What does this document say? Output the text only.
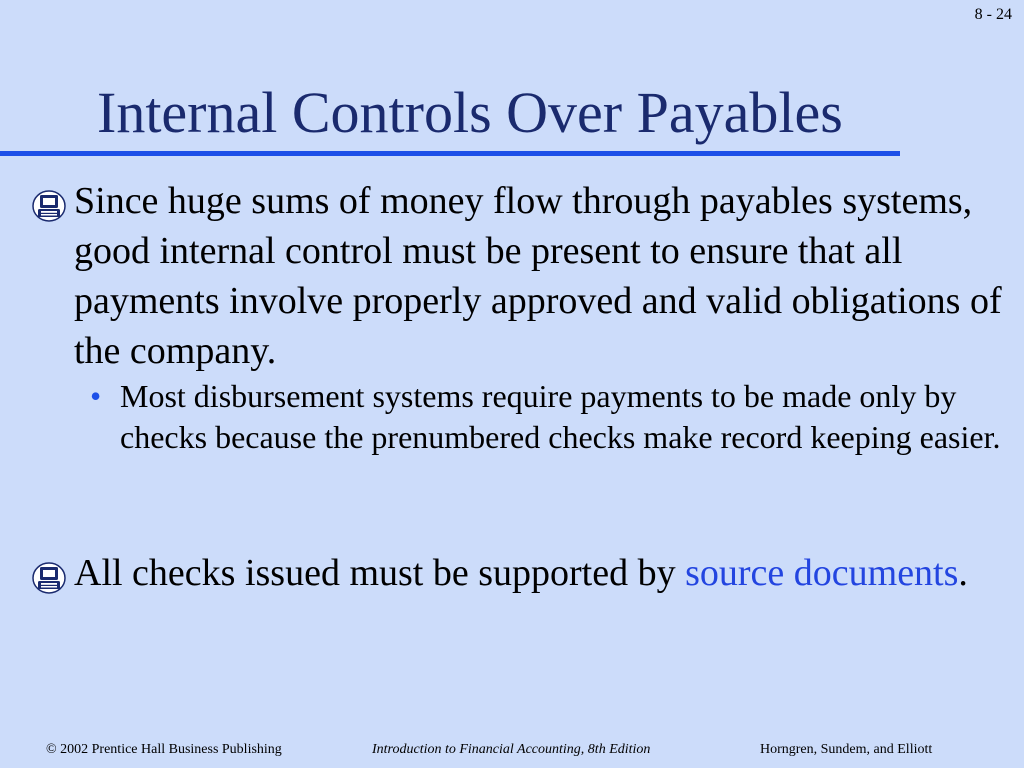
8 - 24
Internal Controls Over Payables
Since huge sums of money flow through payables systems, good internal control must be present to ensure that all payments involve properly approved and valid obligations of the company.
• Most disbursement systems require payments to be made only by checks because the prenumbered checks make record keeping easier.
All checks issued must be supported by source documents.
© 2002 Prentice Hall Business Publishing	Introduction to Financial Accounting, 8th Edition	Horngren, Sundem, and Elliott
